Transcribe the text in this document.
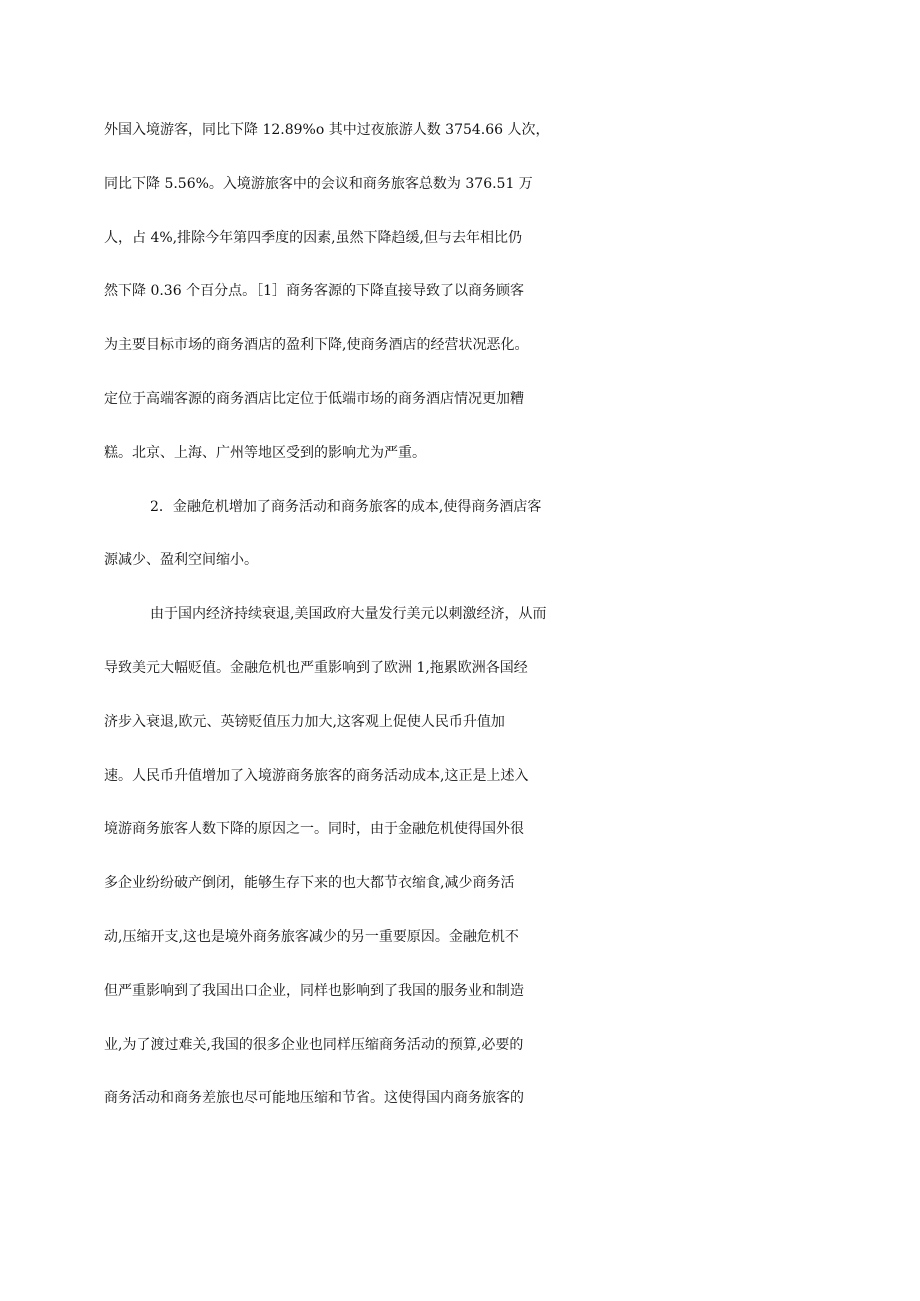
外国入境游客，同比下降 12.89%o 其中过夜旅游人数 3754.66 人次，
同比下降 5.56%。入境游旅客中的会议和商务旅客总数为 376.51 万
人，占 4%,排除今年第四季度的因素,虽然下降趋缓,但与去年相比仍
然下降 0.36 个百分点。［1］商务客源的下降直接导致了以商务顾客
为主要目标市场的商务酒店的盈利下降,使商务酒店的经营状况恶化。
定位于高端客源的商务酒店比定位于低端市场的商务酒店情况更加糟
糕。北京、上海、广州等地区受到的影响尤为严重。
2．金融危机增加了商务活动和商务旅客的成本,使得商务酒店客
源减少、盈利空间缩小。
由于国内经济持续衰退,美国政府大量发行美元以刺激经济，从而
导致美元大幅贬值。金融危机也严重影响到了欧洲 1,拖累欧洲各国经
济步入衰退,欧元、英镑贬值压力加大,这客观上促使人民币升值加
速。人民币升值增加了入境游商务旅客的商务活动成本,这正是上述入
境游商务旅客人数下降的原因之一。同时，由于金融危机使得国外很
多企业纷纷破产倒闭，能够生存下来的也大都节衣缩食,减少商务活
动,压缩开支,这也是境外商务旅客减少的另一重要原因。金融危机不
但严重影响到了我国出口企业，同样也影响到了我国的服务业和制造
业,为了渡过难关,我国的很多企业也同样压缩商务活动的预算,必要的
商务活动和商务差旅也尽可能地压缩和节省。这使得国内商务旅客的
